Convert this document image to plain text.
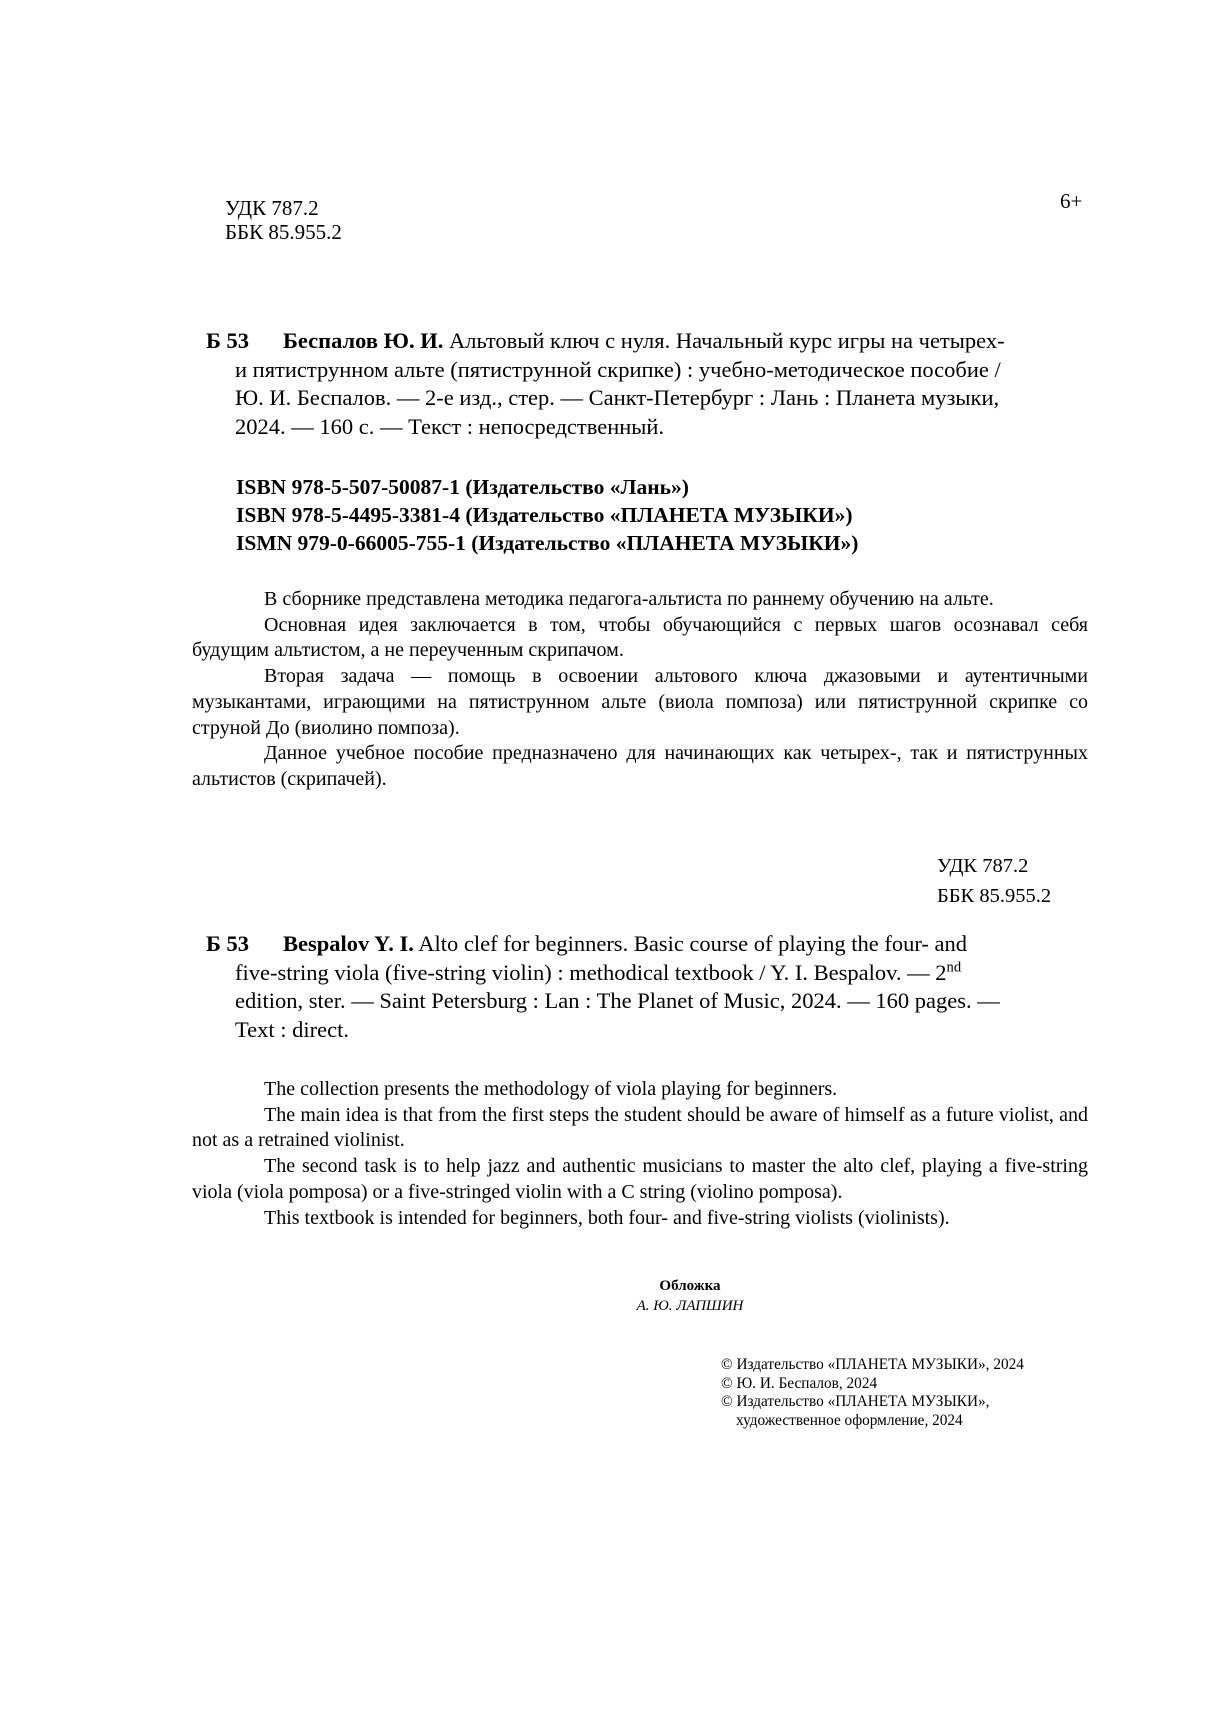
УДК 787.2
ББК 85.955.2
6+
Б 53 Беспалов Ю. И. Альтовый ключ с нуля. Начальный курс игры на четырех-
и пятиструнном альте (пятиструнной скрипке) : учебно-методическое пособие /
Ю. И. Беспалов. — 2-е изд., стер. — Санкт-Петербург : Лань : Планета музыки,
2024. — 160 с. — Текст : непосредственный.
ISBN 978-5-507-50087-1 (Издательство «Лань»)
ISBN 978-5-4495-3381-4 (Издательство «ПЛАНЕТА МУЗЫКИ»)
ISMN 979-0-66005-755-1 (Издательство «ПЛАНЕТА МУЗЫКИ»)

В сборнике представлена методика педагога-альтиста по раннему обучению на альте.

Основная идея заключается в том, чтобы обучающийся с первых шагов осознавал себя будущим альтистом, а не переученным скрипачом.

Вторая задача — помощь в освоении альтового ключа джазовыми и аутентичными музыкантами, играющими на пятиструнном альте (виола помпоза) или пятиструнной скрипке со струной До (виолино помпоза).

Данное учебное пособие предназначено для начинающих как четырех-, так и пятиструнных альтистов (скрипачей).

УДК 787.2
ББК 85.955.2
Б 53 Bespalov Y. I. Alto clef for beginners. Basic course of playing the four- and
five-string viola (five-string violin) : methodical textbook / Y. I. Bespalov. — 2nd
edition, ster. — Saint Petersburg : Lan : The Planet of Music, 2024. — 160 pages. —
Text : direct.

The collection presents the methodology of viola playing for beginners.

The main idea is that from the first steps the student should be aware of himself as a future violist, and not as a retrained violinist.

The second task is to help jazz and authentic musicians to master the alto clef, playing a five-string viola (viola pomposa) or a five-stringed violin with a C string (violino pomposa).

This textbook is intended for beginners, both four- and five-string violists (violinists).

Обложка
А. Ю. ЛАПШИН
© Издательство «ПЛАНЕТА МУЗЫКИ», 2024
© Ю. И. Беспалов, 2024
© Издательство «ПЛАНЕТА МУЗЫКИ»,
художественное оформление, 2024
